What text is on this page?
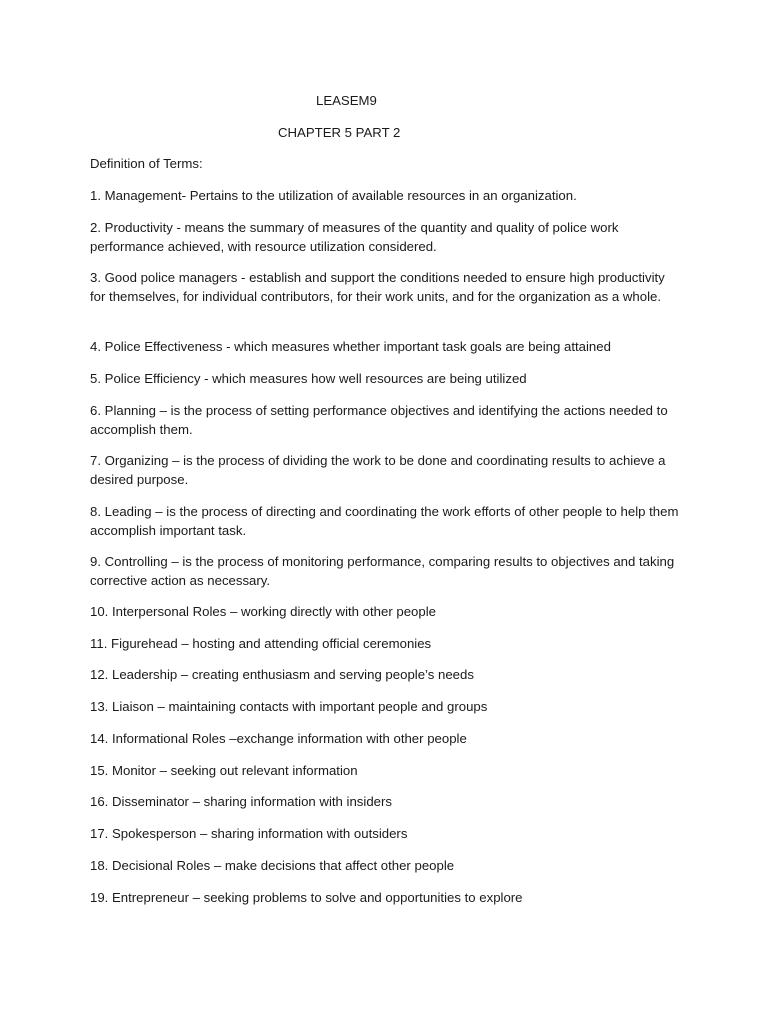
LEASEM9
CHAPTER 5 PART 2

Definition of Terms:

1. Management- Pertains to the utilization of available resources in an organization.
2. Productivity - means the summary of measures of the quantity and quality of police work performance achieved, with resource utilization considered.
3. Good police managers - establish and support the conditions needed to ensure high productivity for themselves, for individual contributors, for their work units, and for the organization as a whole.
4. Police Effectiveness - which measures whether important task goals are being attained
5. Police Efficiency - which measures how well resources are being utilized
6. Planning – is the process of setting performance objectives and identifying the actions needed to accomplish them.
7. Organizing – is the process of dividing the work to be done and coordinating results to achieve a desired purpose.
8. Leading – is the process of directing and coordinating the work efforts of other people to help them accomplish important task.
9. Controlling – is the process of monitoring performance, comparing results to objectives and taking corrective action as necessary.
10. Interpersonal Roles – working directly with other people
11. Figurehead – hosting and attending official ceremonies
12. Leadership – creating enthusiasm and serving people’s needs
13. Liaison – maintaining contacts with important people and groups
14. Informational Roles –exchange information with other people
15. Monitor – seeking out relevant information
16. Disseminator – sharing information with insiders
17. Spokesperson – sharing information with outsiders
18. Decisional Roles – make decisions that affect other people
19. Entrepreneur – seeking problems to solve and opportunities to explore
